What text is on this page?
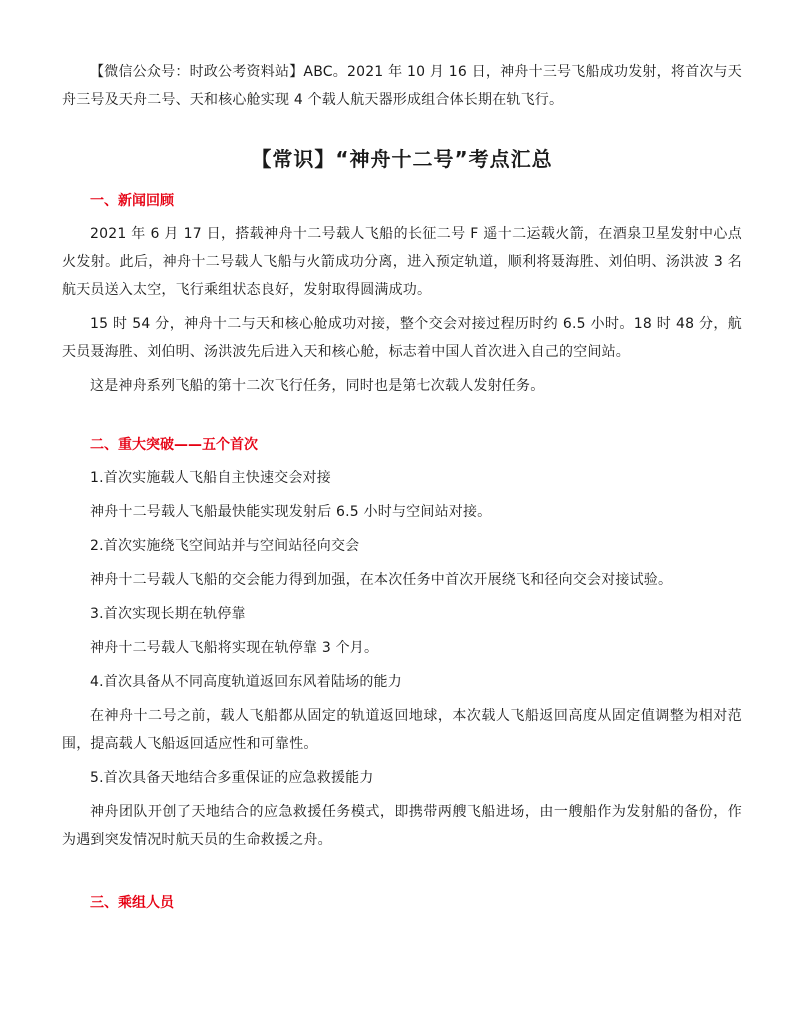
【微信公众号：时政公考资料站】ABC。2021 年 10 月 16 日，神舟十三号飞船成功发射，将首次与天舟三号及天舟二号、天和核心舱实现 4 个载人航天器形成组合体长期在轨飞行。

【常识】“神舟十二号”考点汇总
一、新闻回顾

2021 年 6 月 17 日，搭载神舟十二号载人飞船的长征二号 F 遥十二运载火箭，在酒泉卫星发射中心点火发射。此后，神舟十二号载人飞船与火箭成功分离，进入预定轨道，顺利将聂海胜、刘伯明、汤洪波 3 名航天员送入太空，飞行乘组状态良好，发射取得圆满成功。

15 时 54 分，神舟十二与天和核心舱成功对接，整个交会对接过程历时约 6.5 小时。18 时 48 分，航天员聂海胜、刘伯明、汤洪波先后进入天和核心舱，标志着中国人首次进入自己的空间站。

这是神舟系列飞船的第十二次飞行任务，同时也是第七次载人发射任务。

二、重大突破——五个首次
1.首次实施载人飞船自主快速交会对接
神舟十二号载人飞船最快能实现发射后 6.5 小时与空间站对接。
2.首次实施绕飞空间站并与空间站径向交会
神舟十二号载人飞船的交会能力得到加强，在本次任务中首次开展绕飞和径向交会对接试验。
3.首次实现长期在轨停靠
神舟十二号载人飞船将实现在轨停靠 3 个月。
4.首次具备从不同高度轨道返回东风着陆场的能力

在神舟十二号之前，载人飞船都从固定的轨道返回地球，本次载人飞船返回高度从固定值调整为相对范围，提高载人飞船返回适应性和可靠性。

5.首次具备天地结合多重保证的应急救援能力

神舟团队开创了天地结合的应急救援任务模式，即携带两艘飞船进场，由一艘船作为发射船的备份，作为遇到突发情况时航天员的生命救援之舟。

三、乘组人员
